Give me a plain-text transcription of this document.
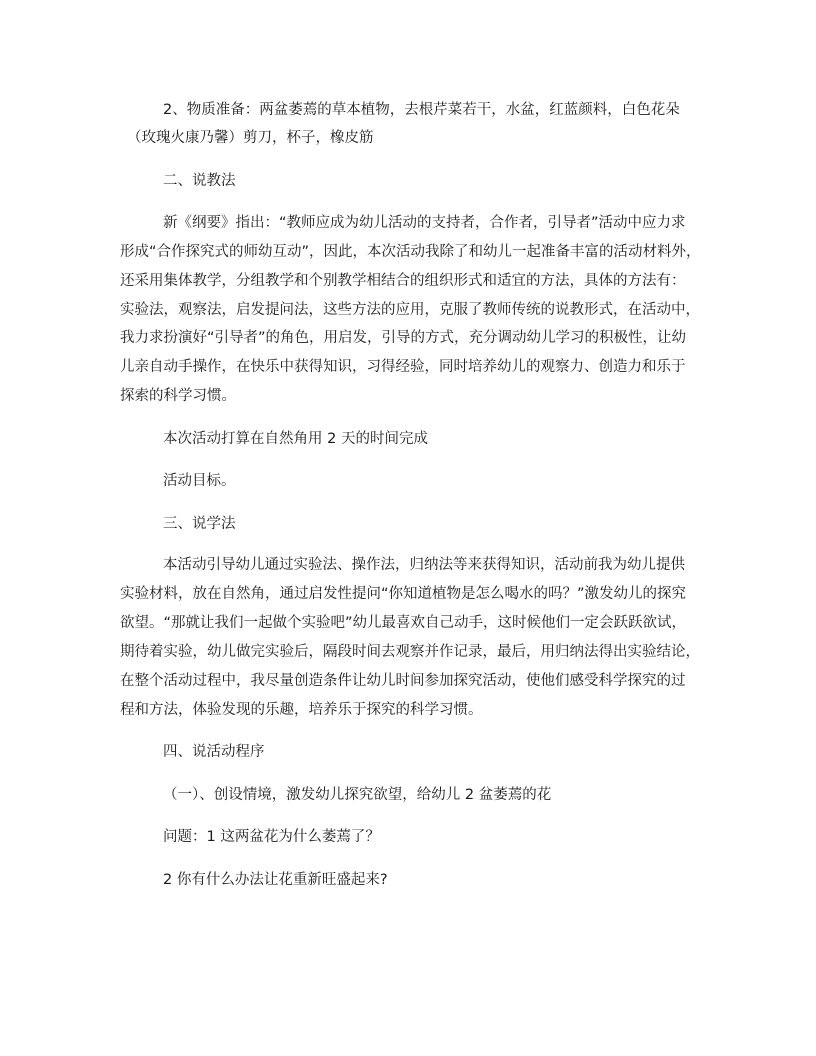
2、物质准备：两盆萎蔫的草本植物，去根芹菜若干，水盆，红蓝颜料，白色花朵
（玫瑰火康乃馨）剪刀，杯子，橡皮筋
二、说教法
新《纲要》指出：“教师应成为幼儿活动的支持者，合作者，引导者”活动中应力求
形成“合作探究式的师幼互动”，因此，本次活动我除了和幼儿一起准备丰富的活动材料外，
还采用集体教学，分组教学和个别教学相结合的组织形式和适宜的方法，具体的方法有：
实验法，观察法，启发提问法，这些方法的应用，克服了教师传统的说教形式，在活动中，
我力求扮演好“引导者”的角色，用启发，引导的方式，充分调动幼儿学习的积极性，让幼
儿亲自动手操作，在快乐中获得知识，习得经验，同时培养幼儿的观察力、创造力和乐于
探索的科学习惯。
本次活动打算在自然角用 2 天的时间完成
活动目标。
三、说学法
本活动引导幼儿通过实验法、操作法，归纳法等来获得知识，活动前我为幼儿提供
实验材料，放在自然角，通过启发性提问“你知道植物是怎么喝水的吗？”激发幼儿的探究
欲望。“那就让我们一起做个实验吧”幼儿最喜欢自己动手，这时候他们一定会跃跃欲试，
期待着实验，幼儿做完实验后，隔段时间去观察并作记录，最后，用归纳法得出实验结论，
在整个活动过程中，我尽量创造条件让幼儿时间参加探究活动，使他们感受科学探究的过
程和方法，体验发现的乐趣，培养乐于探究的科学习惯。
四、说活动程序
（一）、创设情境，激发幼儿探究欲望，给幼儿 2 盆萎蔫的花
问题：1 这两盆花为什么萎蔫了？
2 你有什么办法让花重新旺盛起来?
